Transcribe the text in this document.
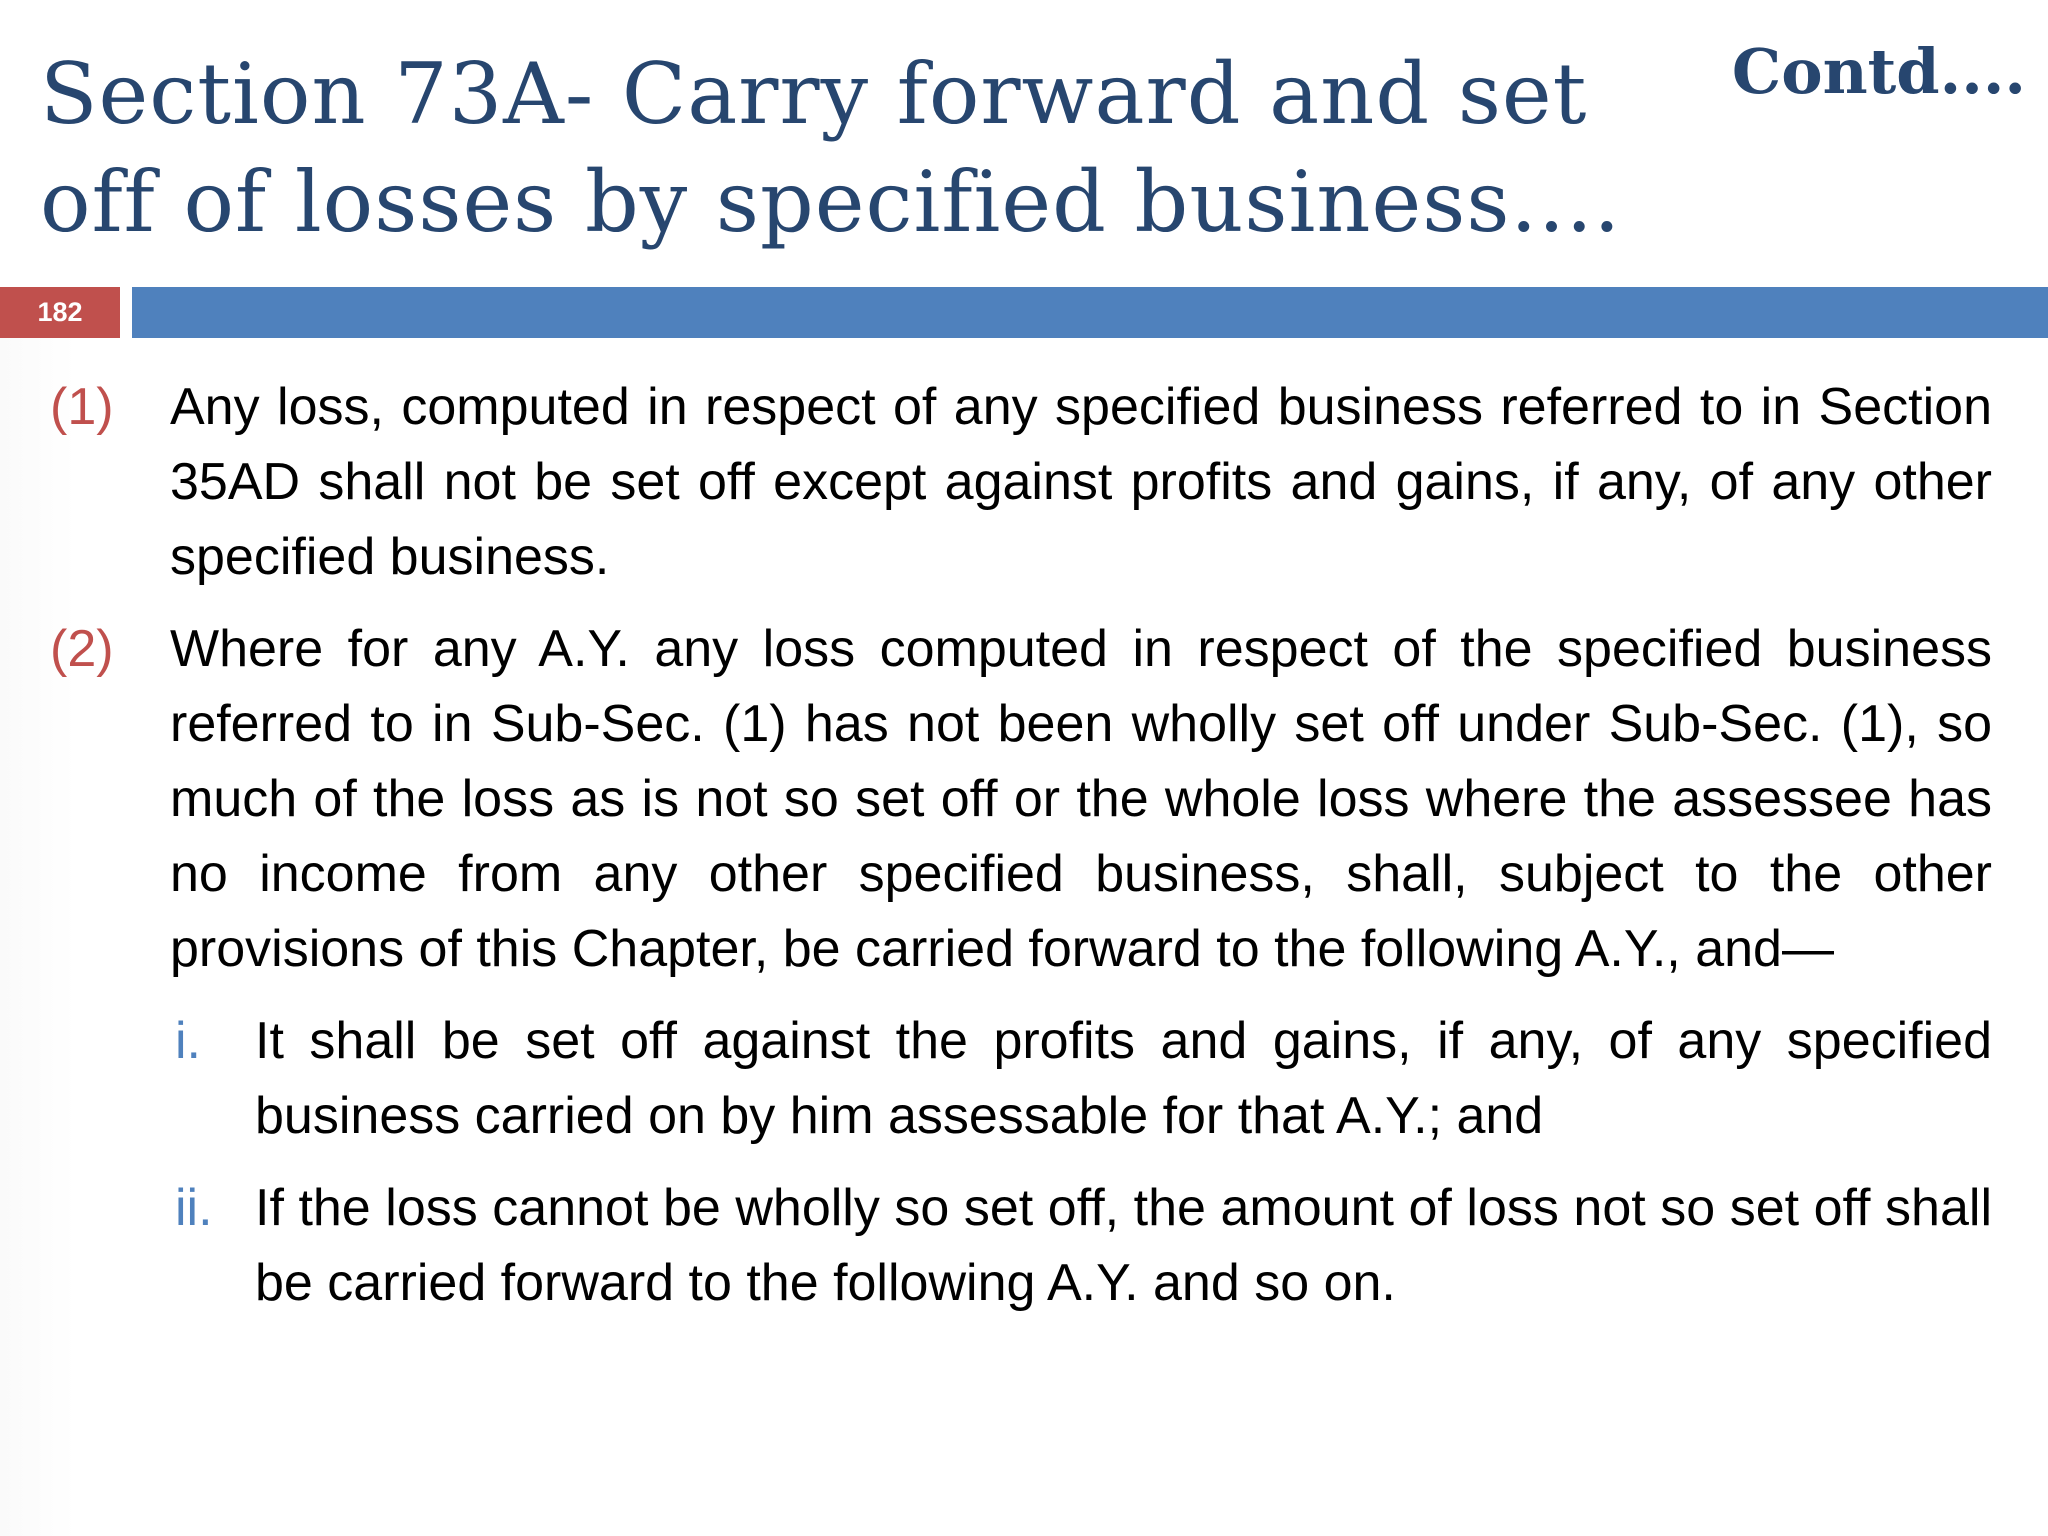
Section 73A- Carry forward and set off of losses by specified business....
Contd....
182
(1) Any loss, computed in respect of any specified business referred to in Section 35AD shall not be set off except against profits and gains, if any, of any other specified business.
(2) Where for any A.Y. any loss computed in respect of the specified business referred to in Sub-Sec. (1) has not been wholly set off under Sub-Sec. (1), so much of the loss as is not so set off or the whole loss where the assessee has no income from any other specified business, shall, subject to the other provisions of this Chapter, be carried forward to the following A.Y., and—
i. It shall be set off against the profits and gains, if any, of any specified business carried on by him assessable for that A.Y.; and
ii. If the loss cannot be wholly so set off, the amount of loss not so set off shall be carried forward to the following A.Y. and so on.
